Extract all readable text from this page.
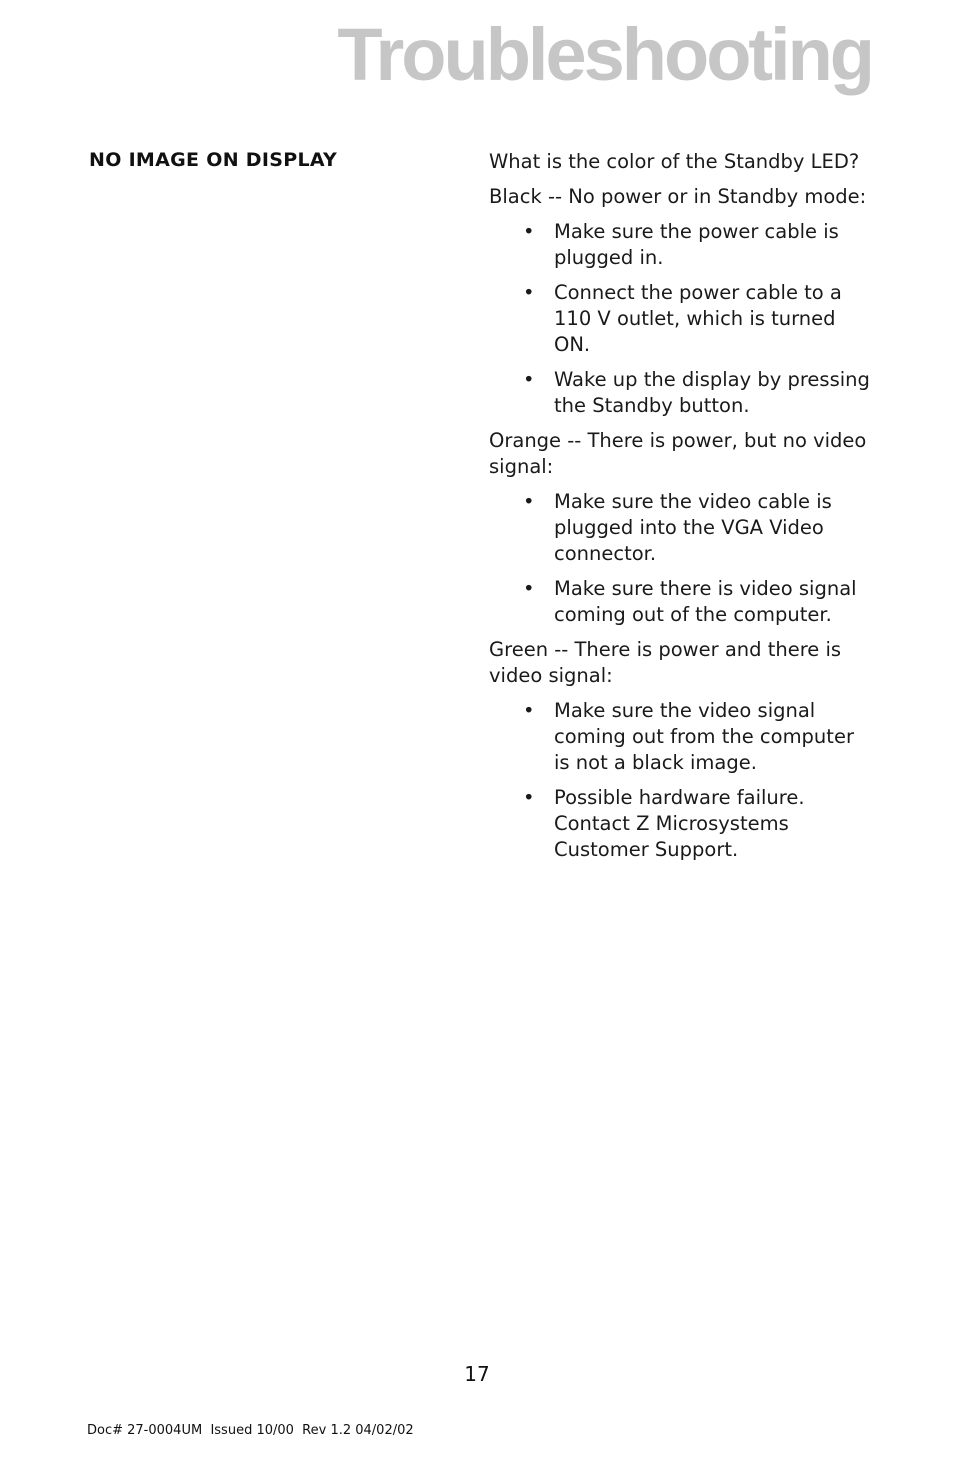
Troubleshooting
NO IMAGE ON DISPLAY	What is the color of the Standby LED?

Black -- No power or in Standby mode:

• Make sure the power cable is plugged in.
• Connect the power cable to a 110 V outlet, which is turned ON.
• Wake up the display by pressing the Standby button.

Orange -- There is power, but no video signal:

• Make sure the video cable is plugged into the VGA Video connector.
• Make sure there is video signal coming out of the computer.

Green -- There is power and there is video signal:

• Make sure the video signal coming out from the computer is not a black image.
• Possible hardware failure. Contact Z Microsystems Customer Support.
17
Doc# 27-0004UM  Issued 10/00  Rev 1.2 04/02/02
